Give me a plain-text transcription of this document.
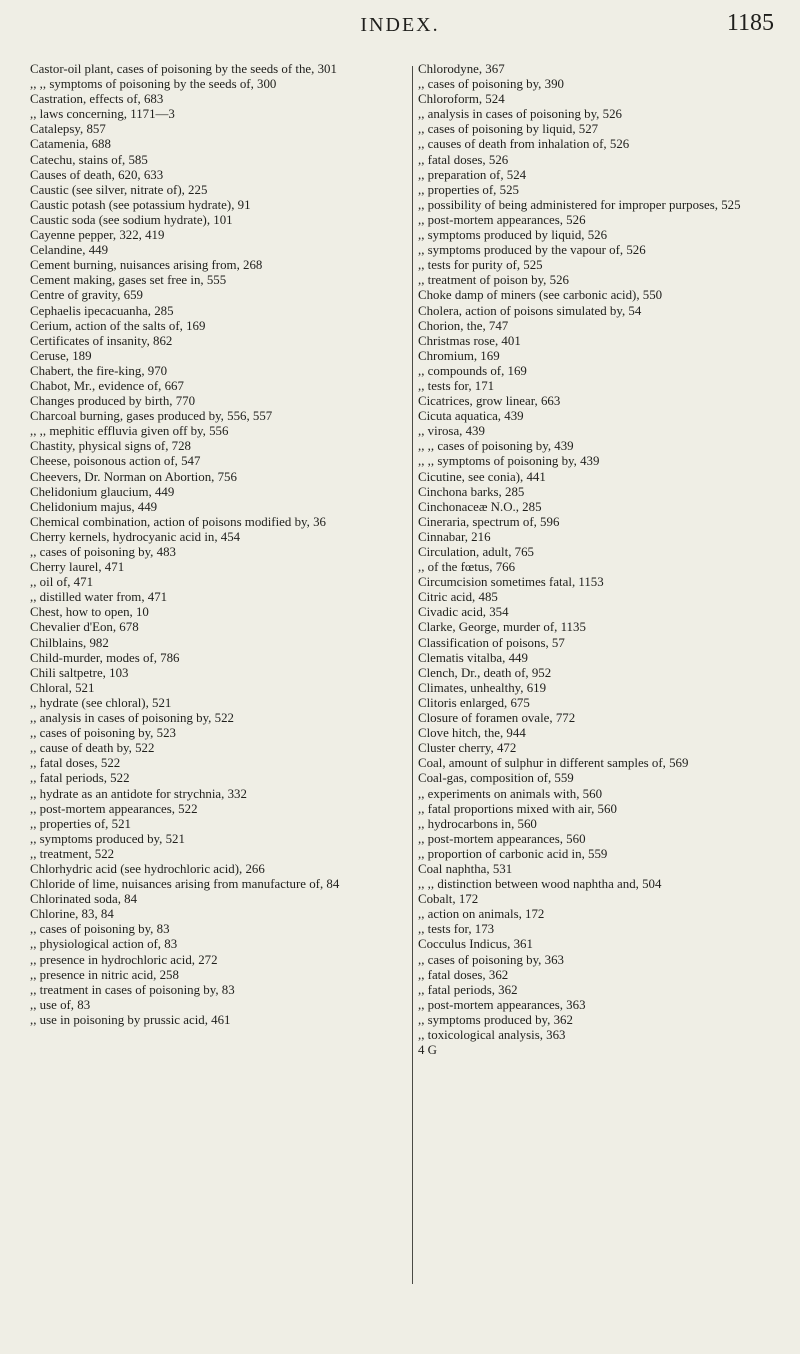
INDEX.	1185

Castor-oil plant, cases of poisoning by the seeds of the, 301

,, ,, symptoms of poisoning by the seeds of, 300

Castration, effects of, 683

,, laws concerning, 1171—3

Catalepsy, 857

Catamenia, 688

Catechu, stains of, 585

Causes of death, 620, 633

Caustic (see silver, nitrate of), 225

Caustic potash (see potassium hydrate), 91

Caustic soda (see sodium hydrate), 101

Cayenne pepper, 322, 419

Celandine, 449

Cement burning, nuisances arising from, 268

Cement making, gases set free in, 555

Centre of gravity, 659

Cephaelis ipecacuanha, 285

Cerium, action of the salts of, 169

Certificates of insanity, 862

Ceruse, 189

Chabert, the fire-king, 970

Chabot, Mr., evidence of, 667

Changes produced by birth, 770

Charcoal burning, gases produced by, 556, 557

,, ,, mephitic effluvia given off by, 556

Chastity, physical signs of, 728

Cheese, poisonous action of, 547

Cheevers, Dr. Norman on Abortion, 756

Chelidonium glaucium, 449

Chelidonium majus, 449

Chemical combination, action of poisons modified by, 36

Cherry kernels, hydrocyanic acid in, 454

,, cases of poisoning by, 483

Cherry laurel, 471

,, oil of, 471

,, distilled water from, 471

Chest, how to open, 10

Chevalier d'Eon, 678

Chilblains, 982

Child-murder, modes of, 786

Chili saltpetre, 103

Chloral, 521

,, hydrate (see chloral), 521

,, analysis in cases of poisoning by, 522

,, cases of poisoning by, 523

,, cause of death by, 522

,, fatal doses, 522

,, fatal periods, 522

,, hydrate as an antidote for strychnia, 332

,, post-mortem appearances, 522

,, properties of, 521

,, symptoms produced by, 521

,, treatment, 522

Chlorhydric acid (see hydrochloric acid), 266

Chloride of lime, nuisances arising from manufacture of, 84

Chlorinated soda, 84

Chlorine, 83, 84

,, cases of poisoning by, 83

,, physiological action of, 83

,, presence in hydrochloric acid, 272

,, presence in nitric acid, 258

,, treatment in cases of poisoning by, 83

,, use of, 83

,, use in poisoning by prussic acid, 461

Chlorodyne, 367

,, cases of poisoning by, 390

Chloroform, 524

,, analysis in cases of poisoning by, 526

,, cases of poisoning by liquid, 527

,, causes of death from inhalation of, 526

,, fatal doses, 526

,, preparation of, 524

,, properties of, 525

,, possibility of being administered for improper purposes, 525

,, post-mortem appearances, 526

,, symptoms produced by liquid, 526

,, symptoms produced by the vapour of, 526

,, tests for purity of, 525

,, treatment of poison by, 526

Choke damp of miners (see carbonic acid), 550

Cholera, action of poisons simulated by, 54

Chorion, the, 747

Christmas rose, 401

Chromium, 169

,, compounds of, 169

,, tests for, 171

Cicatrices, grow linear, 663

Cicuta aquatica, 439

,, virosa, 439

,, ,, cases of poisoning by, 439

,, ,, symptoms of poisoning by, 439

Cicutine, see conia), 441

Cinchona barks, 285

Cinchonaceæ N.O., 285

Cineraria, spectrum of, 596

Cinnabar, 216

Circulation, adult, 765

,, of the fœtus, 766

Circumcision sometimes fatal, 1153

Citric acid, 485

Civadic acid, 354

Clarke, George, murder of, 1135

Classification of poisons, 57

Clematis vitalba, 449

Clench, Dr., death of, 952

Climates, unhealthy, 619

Clitoris enlarged, 675

Closure of foramen ovale, 772

Clove hitch, the, 944

Cluster cherry, 472

Coal, amount of sulphur in different samples of, 569

Coal-gas, composition of, 559

,, experiments on animals with, 560

,, fatal proportions mixed with air, 560

,, hydrocarbons in, 560

,, post-mortem appearances, 560

,, proportion of carbonic acid in, 559

Coal naphtha, 531

,, ,, distinction between wood naphtha and, 504

Cobalt, 172

,, action on animals, 172

,, tests for, 173

Cocculus Indicus, 361

,, cases of poisoning by, 363

,, fatal doses, 362

,, fatal periods, 362

,, post-mortem appearances, 363

,, symptoms produced by, 362

,, toxicological analysis, 363

4 G
